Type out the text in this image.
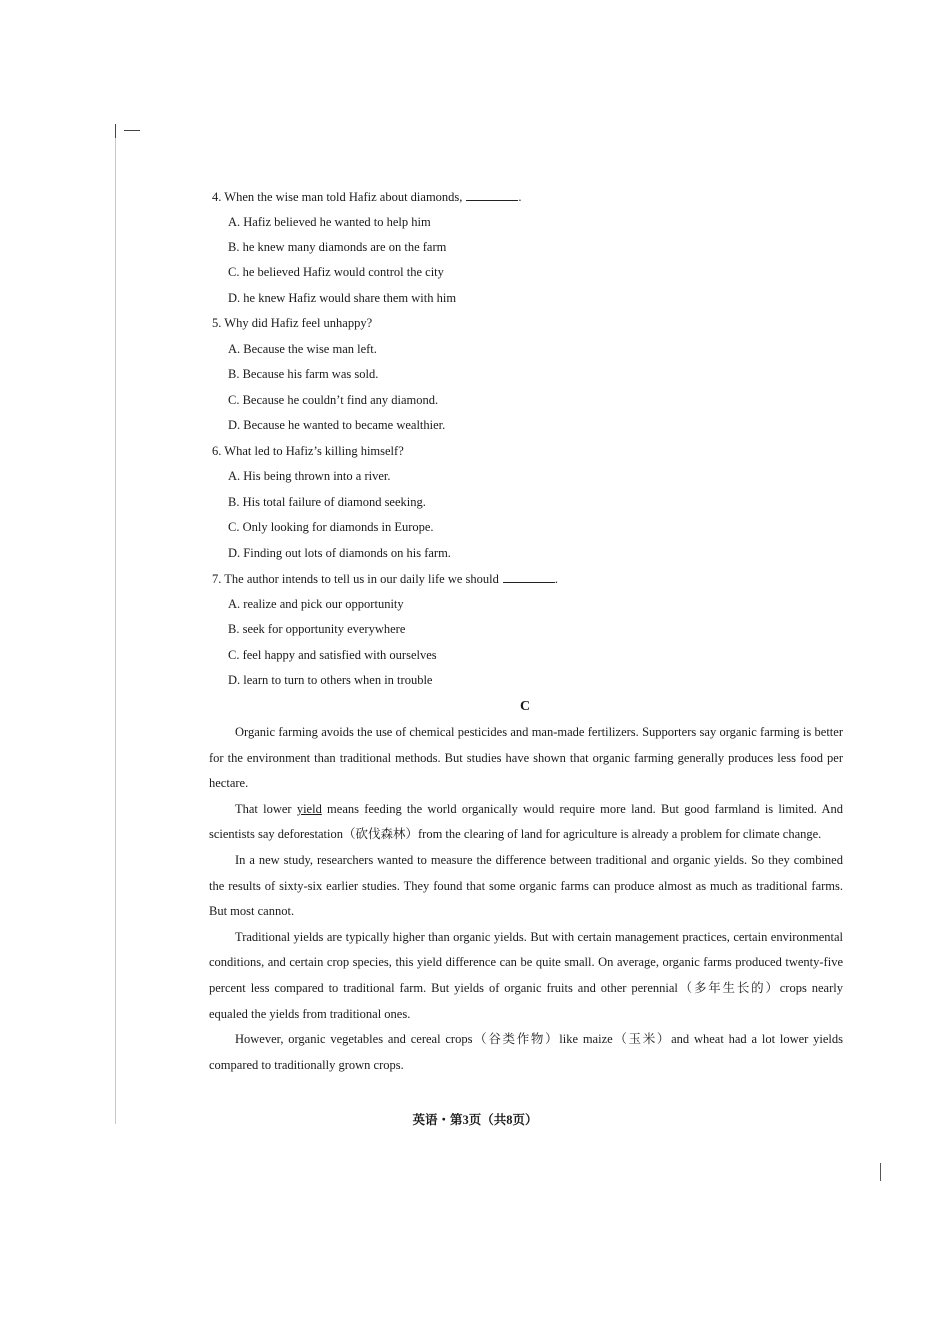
4. When the wise man told Hafiz about diamonds,	.
A. Hafiz believed he wanted to help him
B. he knew many diamonds are on the farm
C. he believed Hafiz would control the city
D. he knew Hafiz would share them with him
5. Why did Hafiz feel unhappy?
A. Because the wise man left.
B. Because his farm was sold.
C. Because he couldn’t find any diamond.
D. Because he wanted to became wealthier.
6. What led to Hafiz’s killing himself?
A. His being thrown into a river.
B. His total failure of diamond seeking.
C. Only looking for diamonds in Europe.
D. Finding out lots of diamonds on his farm.
7. The author intends to tell us in our daily life we should	.
A. realize and pick our opportunity
B. seek for opportunity everywhere
C. feel happy and satisfied with ourselves
D. learn to turn to others when in trouble
C

Organic farming avoids the use of chemical pesticides and man-made fertilizers. Supporters say organic farming is better for the environment than traditional methods. But studies have shown that organic farming generally produces less food per hectare.

That lower yield means feeding the world organically would require more land. But good farmland is limited. And scientists say deforestation（砍伐森林）from the clearing of land for agriculture is already a problem for climate change.

In a new study, researchers wanted to measure the difference between traditional and organic yields. So they combined the results of sixty-six earlier studies. They found that some organic farms can produce almost as much as traditional farms. But most cannot.

Traditional yields are typically higher than organic yields. But with certain management practices, certain environmental conditions, and certain crop species, this yield difference can be quite small. On average, organic farms produced twenty-five percent less compared to traditional farm. But yields of organic fruits and other perennial（多年生长的）crops nearly equaled the yields from traditional ones.

However, organic vegetables and cereal crops（谷类作物）like maize（玉米）and wheat had a lot lower yields compared to traditionally grown crops.

英语・第3页（共8页）
